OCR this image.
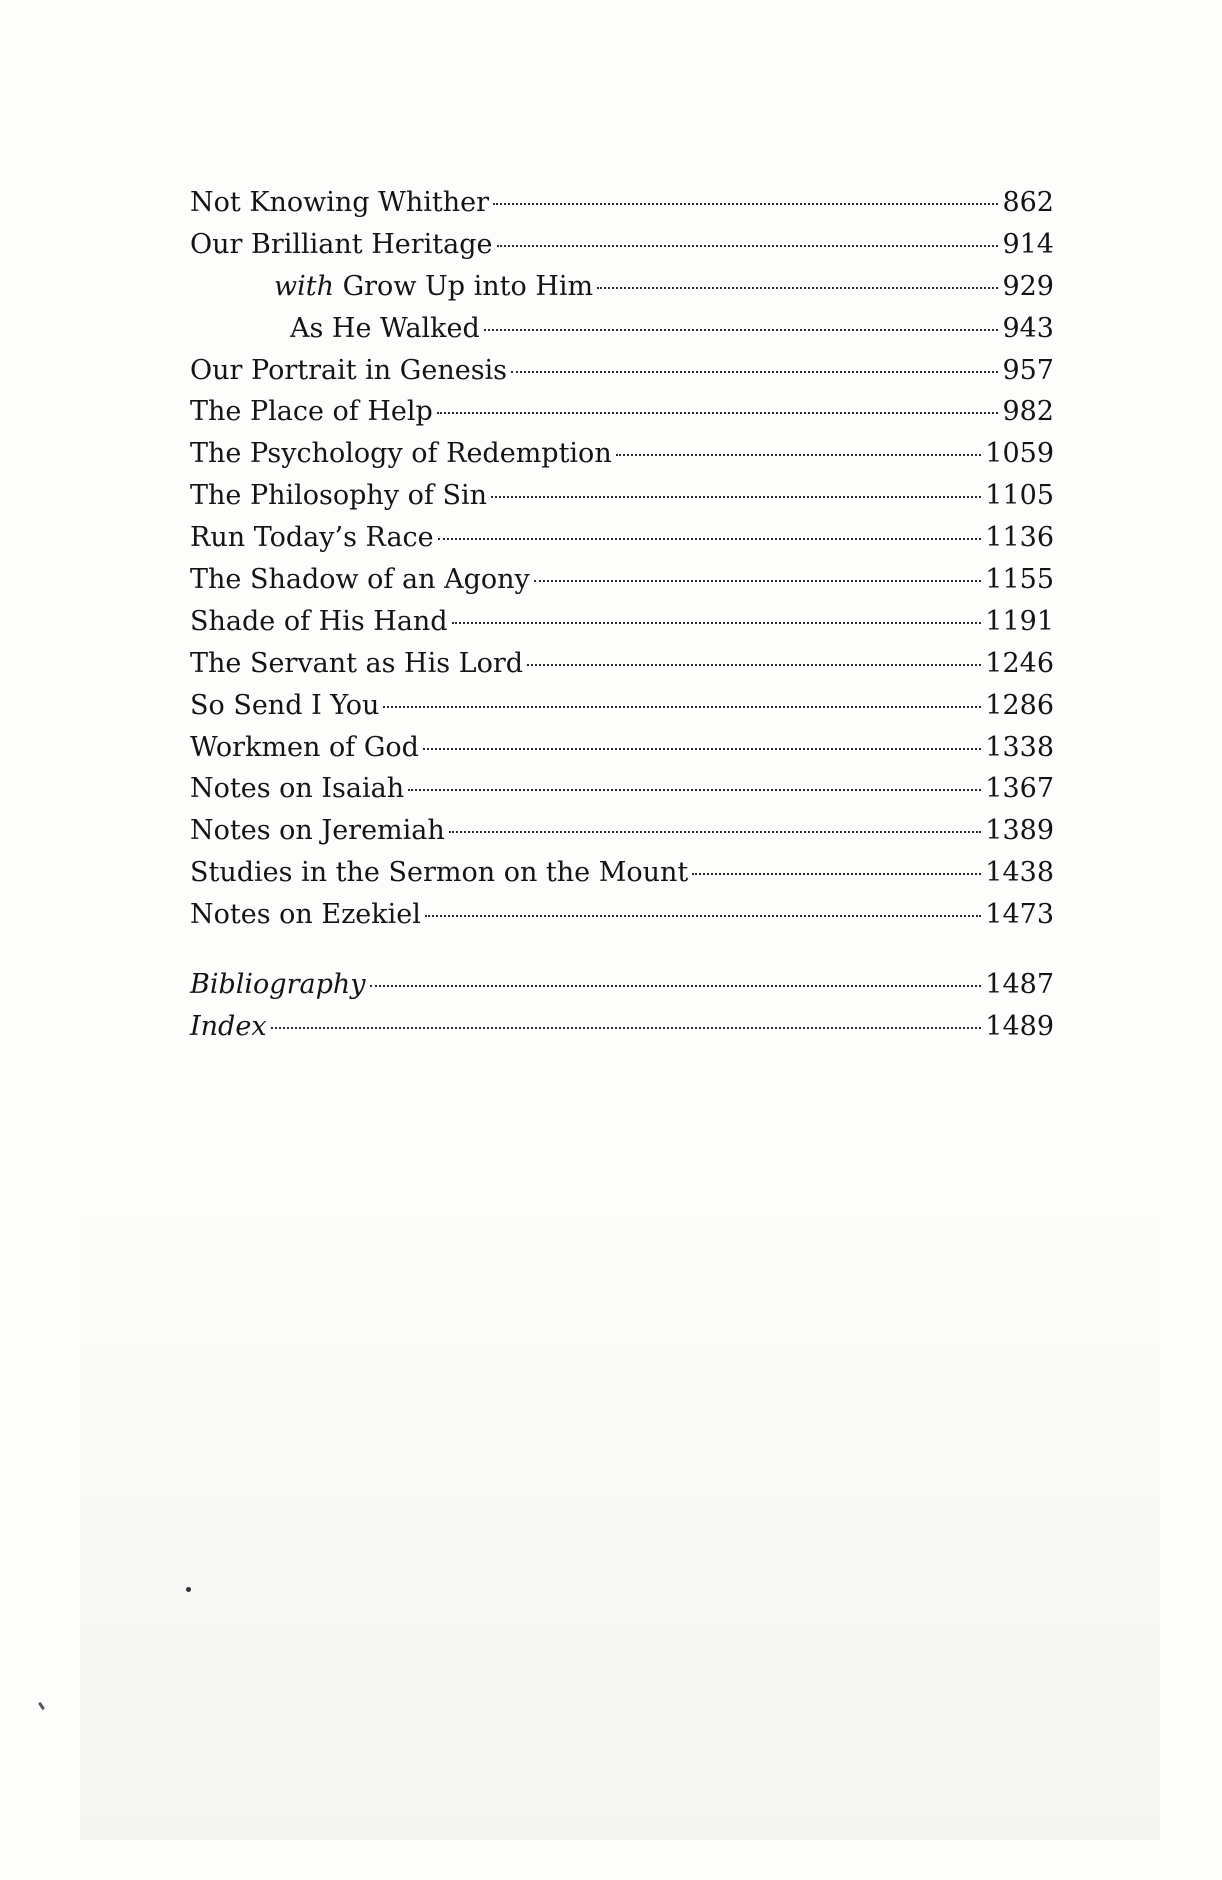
Not Knowing Whither	862
Our Brilliant Heritage	914
with Grow Up into Him	929
As He Walked	943
Our Portrait in Genesis	957
The Place of Help	982
The Psychology of Redemption	1059
The Philosophy of Sin	1105
Run Today’s Race	1136
The Shadow of an Agony	1155
Shade of His Hand	1191
The Servant as His Lord	1246
So Send I You	1286
Workmen of God	1338
Notes on Isaiah	1367
Notes on Jeremiah	1389
Studies in the Sermon on the Mount	1438
Notes on Ezekiel	1473
Bibliography	1487
Index	1489
